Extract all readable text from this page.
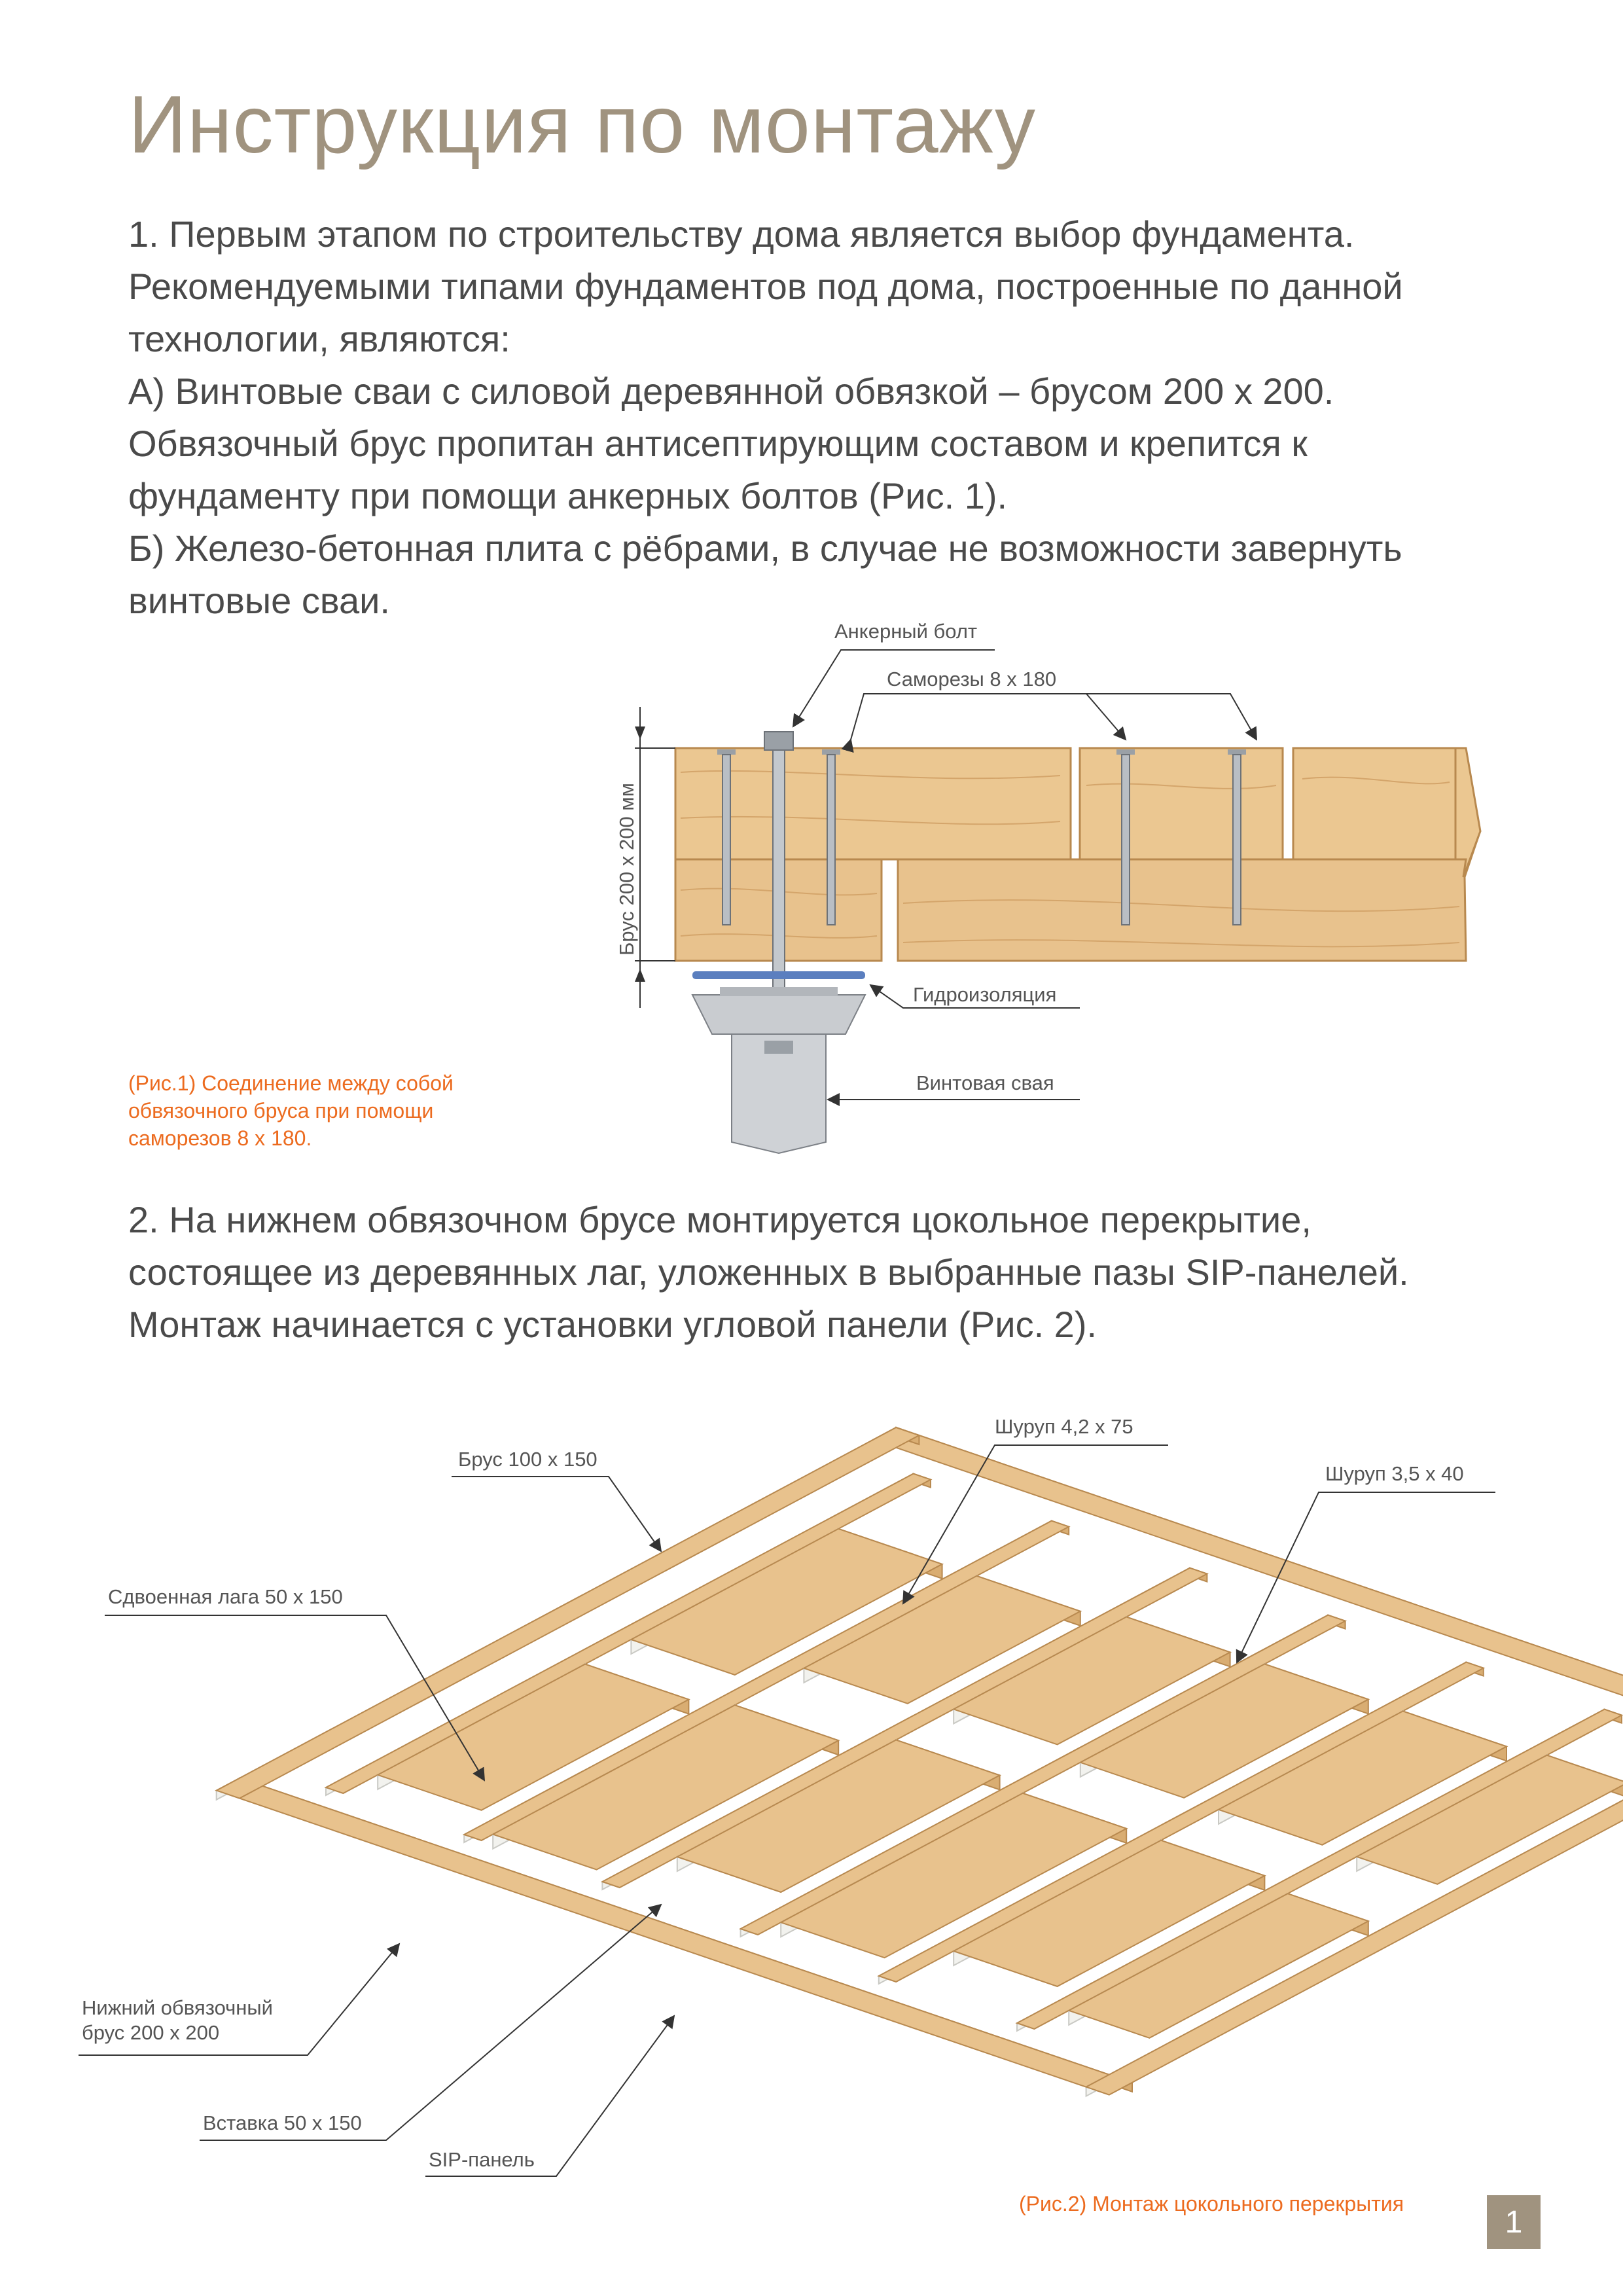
Инструкция по монтажу

1. Первым этапом по строительству дома является выбор фундамента.

Рекомендуемыми типами фундаментов под дома, построенные по данной

технологии, являются:

А) Винтовые сваи с силовой деревянной обвязкой – брусом 200 х 200.

Обвязочный брус пропитан антисептирующим составом и крепится к

фундаменту при помощи анкерных болтов (Рис. 1).

Б) Железо-бетонная плита с рёбрами, в случае не возможности завернуть

винтовые сваи.

Брус 200 х 200 мм
Анкерный болт
Саморезы 8 х 180
Гидроизоляция
Винтовая свая
(Рис.1) Соединение между собой
обвязочного бруса при помощи
саморезов 8 х 180.

2. На нижнем обвязочном брусе монтируется цокольное перекрытие,

состоящее из деревянных лаг, уложенных в выбранные пазы SIP-панелей.

Монтаж начинается с установки угловой панели (Рис. 2).

Брус 100 х 150
Сдвоенная лага 50 х 150
Шуруп 4,2 х 75
Шуруп 3,5 х 40
Нижний обвязочный
брус 200 х 200
Вставка 50 х 150
SIP-панель
(Рис.2) Монтаж цокольного перекрытия
1
